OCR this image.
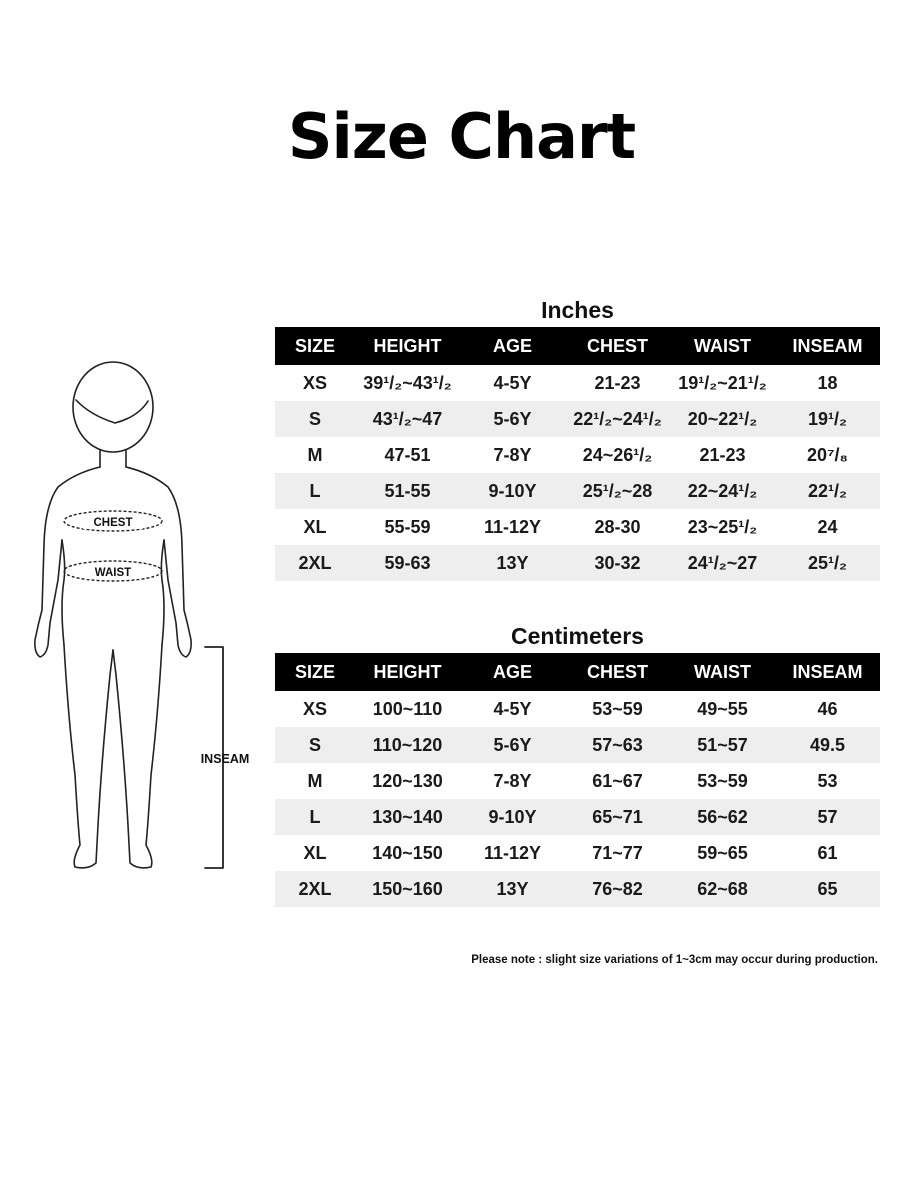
Size Chart
CHEST
WAIST
INSEAM
Inches
SIZE	HEIGHT	AGE	CHEST	WAIST	INSEAM
XS	39¹/₂~43¹/₂	4-5Y	21-23	19¹/₂~21¹/₂	18
S	43¹/₂~47	5-6Y	22¹/₂~24¹/₂	20~22¹/₂	19¹/₂
M	47-51	7-8Y	24~26¹/₂	21-23	20⁷/₈
L	51-55	9-10Y	25¹/₂~28	22~24¹/₂	22¹/₂
XL	55-59	11-12Y	28-30	23~25¹/₂	24
2XL	59-63	13Y	30-32	24¹/₂~27	25¹/₂
Centimeters
SIZE	HEIGHT	AGE	CHEST	WAIST	INSEAM
XS	100~110	4-5Y	53~59	49~55	46
S	110~120	5-6Y	57~63	51~57	49.5
M	120~130	7-8Y	61~67	53~59	53
L	130~140	9-10Y	65~71	56~62	57
XL	140~150	11-12Y	71~77	59~65	61
2XL	150~160	13Y	76~82	62~68	65
Please note : slight size variations of 1~3cm may occur during production.
